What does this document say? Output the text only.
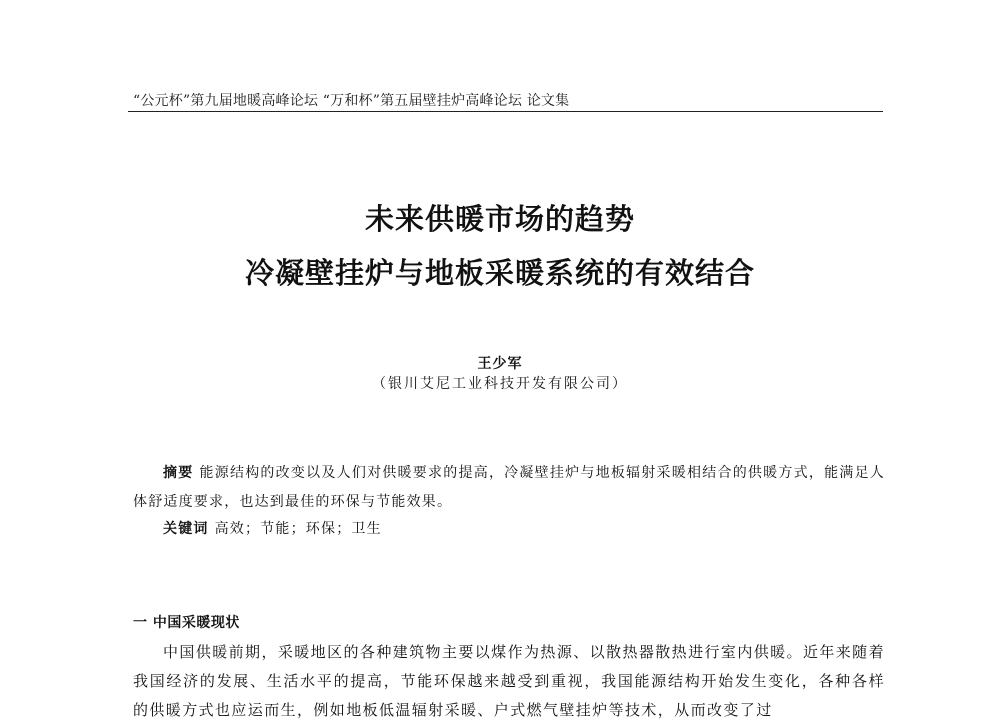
“公元杯”第九届地暖高峰论坛 “万和杯”第五届壁挂炉高峰论坛 论文集
未来供暖市场的趋势
冷凝壁挂炉与地板采暖系统的有效结合
王少军
（银川艾尼工业科技开发有限公司）
摘要 能源结构的改变以及人们对供暖要求的提高，冷凝壁挂炉与地板辐射采暖相结合的供暖方式，能满足人体舒适度要求，也达到最佳的环保与节能效果。
关键词 高效；节能；环保；卫生
一 中国采暖现状
中国供暖前期，采暖地区的各种建筑物主要以煤作为热源、以散热器散热进行室内供暖。近年来随着我国经济的发展、生活水平的提高，节能环保越来越受到重视，我国能源结构开始发生变化，各种各样的供暖方式也应运而生，例如地板低温辐射采暖、户式燃气壁挂炉等技术，从而改变了过
